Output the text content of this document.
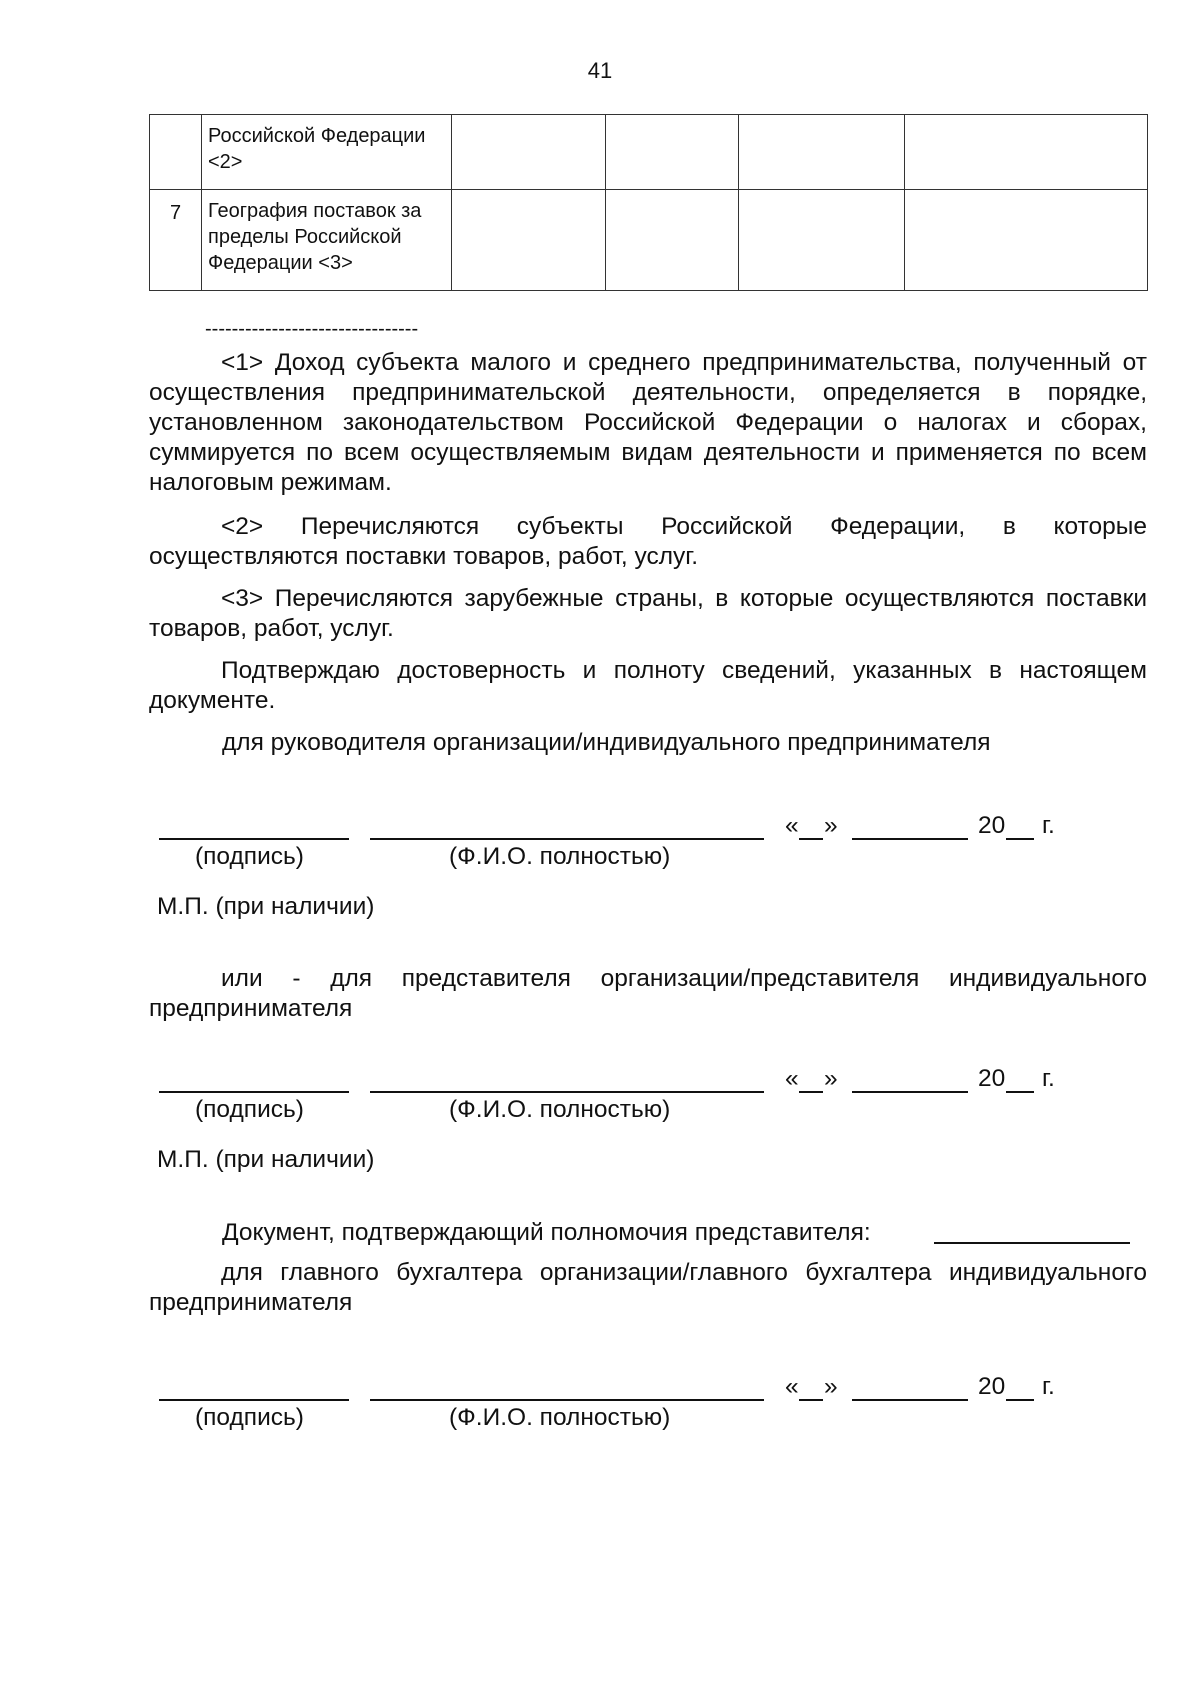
41
	Российской Федерации <2>				
7	География поставок за пределы Российской Федерации <3>				
--------------------------------

<1> Доход субъекта малого и среднего предпринимательства, полученный от осуществления предпринимательской деятельности, определяется в порядке, установленном законодательством Российской Федерации о налогах и сборах, суммируется по всем осуществляемым видам деятельности и применяется по всем налоговым режимам.

<2> Перечисляются субъекты Российской Федерации, в которые осуществляются поставки товаров, работ, услуг.

<3> Перечисляются зарубежные страны, в которые осуществляются поставки товаров, работ, услуг.

Подтверждаю достоверность и полноту сведений, указанных в настоящем документе.

для руководителя организации/индивидуального предпринимателя
« »	20 г.
(подпись)	(Ф.И.О. полностью)
М.П. (при наличии)

или - для представителя организации/представителя индивидуального предпринимателя

« »	20 г.
(подпись)	(Ф.И.О. полностью)
М.П. (при наличии)
Документ, подтверждающий полномочия представителя:

для главного бухгалтера организации/главного бухгалтера индивидуального предпринимателя

« »	20 г.
(подпись)	(Ф.И.О. полностью)
